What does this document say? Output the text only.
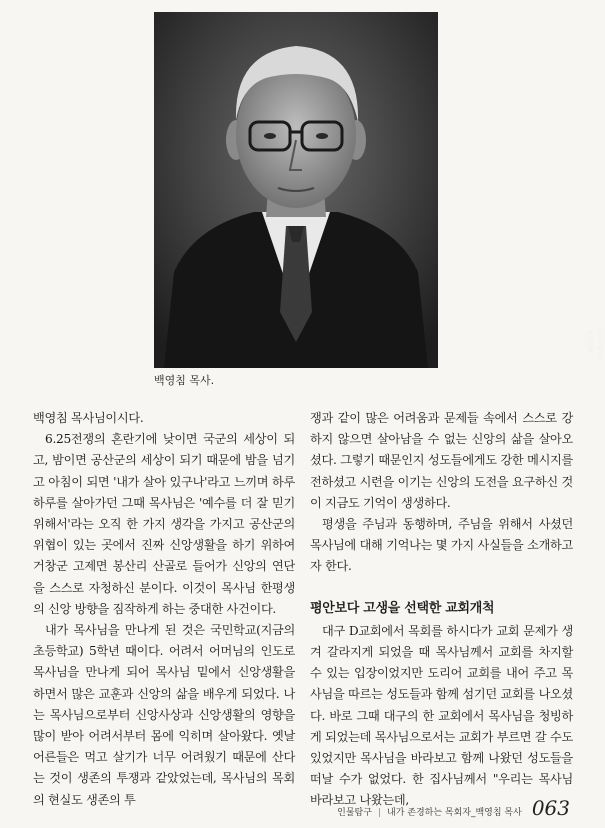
사진제공: 안희렬
백영침 목사.

백영침 목사님이시다.

6.25전쟁의 혼란기에 낮이면 국군의 세상이 되고, 밤이면 공산군의 세상이 되기 때문에 밤을 넘기고 아침이 되면 '내가 살아 있구나'라고 느끼며 하루하루를 살아가던 그때 목사님은 '예수를 더 잘 믿기 위해서'라는 오직 한 가지 생각을 가지고 공산군의 위협이 있는 곳에서 진짜 신앙생활을 하기 위하여 거창군 고제면 봉산리 산골로 들어가 신앙의 연단을 스스로 자청하신 분이다. 이것이 목사님 한평생의 신앙 방향을 짐작하게 하는 중대한 사건이다.

내가 목사님을 만나게 된 것은 국민학교(지금의 초등학교) 5학년 때이다. 어려서 어머님의 인도로 목사님을 만나게 되어 목사님 밑에서 신앙생활을 하면서 많은 교훈과 신앙의 삶을 배우게 되었다. 나는 목사님으로부터 신앙사상과 신앙생활의 영향을 많이 받아 어려서부터 몸에 익히며 살아왔다. 옛날 어른들은 먹고 살기가 너무 어려웠기 때문에 산다는 것이 생존의 투쟁과 같았었는데, 목사님의 목회의 현실도 생존의 투

쟁과 같이 많은 어려움과 문제들 속에서 스스로 강하지 않으면 살아남을 수 없는 신앙의 삶을 살아오셨다. 그렇기 때문인지 성도들에게도 강한 메시지를 전하셨고 시련을 이기는 신앙의 도전을 요구하신 것이 지금도 기억이 생생하다.

평생을 주님과 동행하며, 주님을 위해서 사셨던 목사님에 대해 기억나는 몇 가지 사실들을 소개하고자 한다.

평안보다 고생을 선택한 교회개척

대구 D교회에서 목회를 하시다가 교회 문제가 생겨 갈라지게 되었을 때 목사님께서 교회를 차지할 수 있는 입장이었지만 도리어 교회를 내어 주고 목사님을 따르는 성도들과 함께 섬기던 교회를 나오셨다. 바로 그때 대구의 한 교회에서 목사님을 청빙하게 되었는데 목사님으로서는 교회가 부르면 갈 수도 있었지만 목사님을 바라보고 함께 나왔던 성도들을 떠날 수가 없었다. 한 집사님께서 "우리는 목사님 바라보고 나왔는데,

인물탐구 | 내가 존경하는 목회자_백영침 목사 063
